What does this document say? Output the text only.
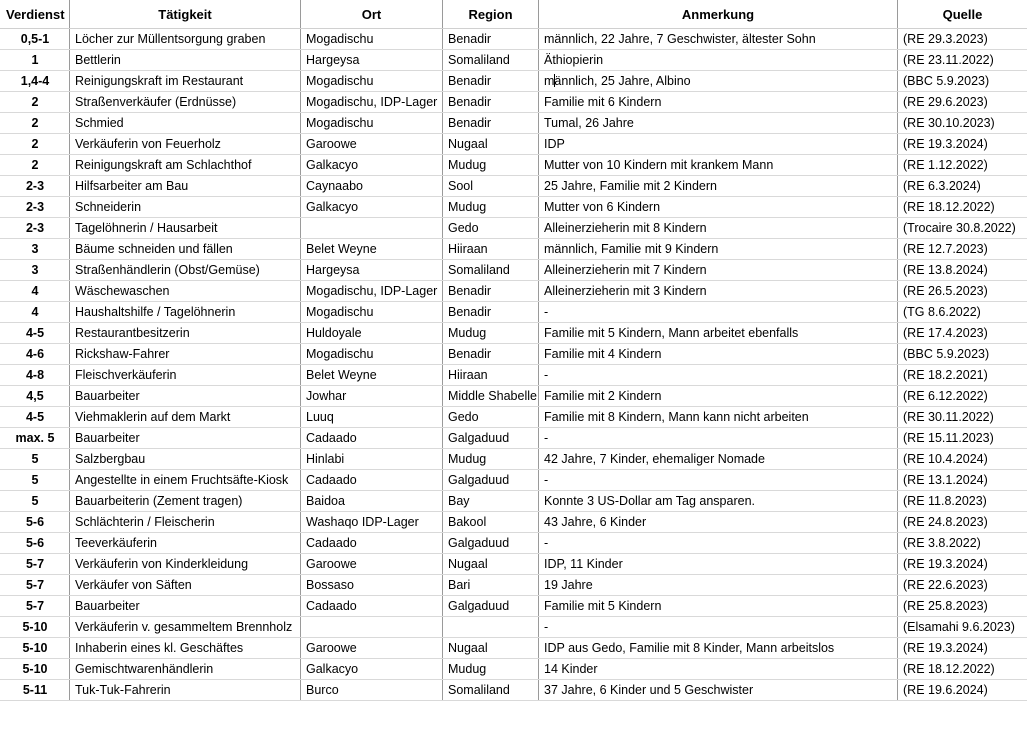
Verdienst	Tätigkeit	Ort	Region	Anmerkung	Quelle
0,5-1	Löcher zur Müllentsorgung graben	Mogadischu	Benadir	männlich, 22 Jahre, 7 Geschwister, ältester Sohn	(RE 29.3.2023)
1	Bettlerin	Hargeysa	Somaliland	Äthiopierin	(RE 23.11.2022)
1,4-4	Reinigungskraft im Restaurant	Mogadischu	Benadir	männlich, 25 Jahre, Albino	(BBC 5.9.2023)
2	Straßenverkäufer (Erdnüsse)	Mogadischu, IDP-Lager	Benadir	Familie mit 6 Kindern	(RE 29.6.2023)
2	Schmied	Mogadischu	Benadir	Tumal, 26 Jahre	(RE 30.10.2023)
2	Verkäuferin von Feuerholz	Garoowe	Nugaal	IDP	(RE 19.3.2024)
2	Reinigungskraft am Schlachthof	Galkacyo	Mudug	Mutter von 10 Kindern mit krankem Mann	(RE 1.12.2022)
2-3	Hilfsarbeiter am Bau	Caynaabo	Sool	25 Jahre, Familie mit 2 Kindern	(RE 6.3.2024)
2-3	Schneiderin	Galkacyo	Mudug	Mutter von 6 Kindern	(RE 18.12.2022)
2-3	Tagelöhnerin / Hausarbeit		Gedo	Alleinerzieherin mit 8 Kindern	(Trocaire 30.8.2022)
3	Bäume schneiden und fällen	Belet Weyne	Hiiraan	männlich, Familie mit 9 Kindern	(RE 12.7.2023)
3	Straßenhändlerin (Obst/Gemüse)	Hargeysa	Somaliland	Alleinerzieherin mit 7 Kindern	(RE 13.8.2024)
4	Wäschewaschen	Mogadischu, IDP-Lager	Benadir	Alleinerzieherin mit 3 Kindern	(RE 26.5.2023)
4	Haushaltshilfe / Tagelöhnerin	Mogadischu	Benadir	-	(TG 8.6.2022)
4-5	Restaurantbesitzerin	Huldoyale	Mudug	Familie mit 5 Kindern, Mann arbeitet ebenfalls	(RE 17.4.2023)
4-6	Rickshaw-Fahrer	Mogadischu	Benadir	Familie mit 4 Kindern	(BBC 5.9.2023)
4-8	Fleischverkäuferin	Belet Weyne	Hiiraan	-	(RE 18.2.2021)
4,5	Bauarbeiter	Jowhar	Middle Shabelle	Familie mit 2 Kindern	(RE 6.12.2022)
4-5	Viehmaklerin auf dem Markt	Luuq	Gedo	Familie mit 8 Kindern, Mann kann nicht arbeiten	(RE 30.11.2022)
max. 5	Bauarbeiter	Cadaado	Galgaduud	-	(RE 15.11.2023)
5	Salzbergbau	Hinlabi	Mudug	42 Jahre, 7 Kinder, ehemaliger Nomade	(RE 10.4.2024)
5	Angestellte in einem Fruchtsäfte-Kiosk	Cadaado	Galgaduud	-	(RE 13.1.2024)
5	Bauarbeiterin (Zement tragen)	Baidoa	Bay	Konnte 3 US-Dollar am Tag ansparen.	(RE 11.8.2023)
5-6	Schlächterin / Fleischerin	Washaqo IDP-Lager	Bakool	43 Jahre, 6 Kinder	(RE 24.8.2023)
5-6	Teeverkäuferin	Cadaado	Galgaduud	-	(RE 3.8.2022)
5-7	Verkäuferin von Kinderkleidung	Garoowe	Nugaal	IDP, 11 Kinder	(RE 19.3.2024)
5-7	Verkäufer von Säften	Bossaso	Bari	19 Jahre	(RE 22.6.2023)
5-7	Bauarbeiter	Cadaado	Galgaduud	Familie mit 5 Kindern	(RE 25.8.2023)
5-10	Verkäuferin v. gesammeltem Brennholz			-	(Elsamahi 9.6.2023)
5-10	Inhaberin eines kl. Geschäftes	Garoowe	Nugaal	IDP aus Gedo, Familie mit 8 Kinder, Mann arbeitslos	(RE 19.3.2024)
5-10	Gemischtwarenhändlerin	Galkacyo	Mudug	14 Kinder	(RE 18.12.2022)
5-11	Tuk-Tuk-Fahrerin	Burco	Somaliland	37 Jahre, 6 Kinder und 5 Geschwister	(RE 19.6.2024)
